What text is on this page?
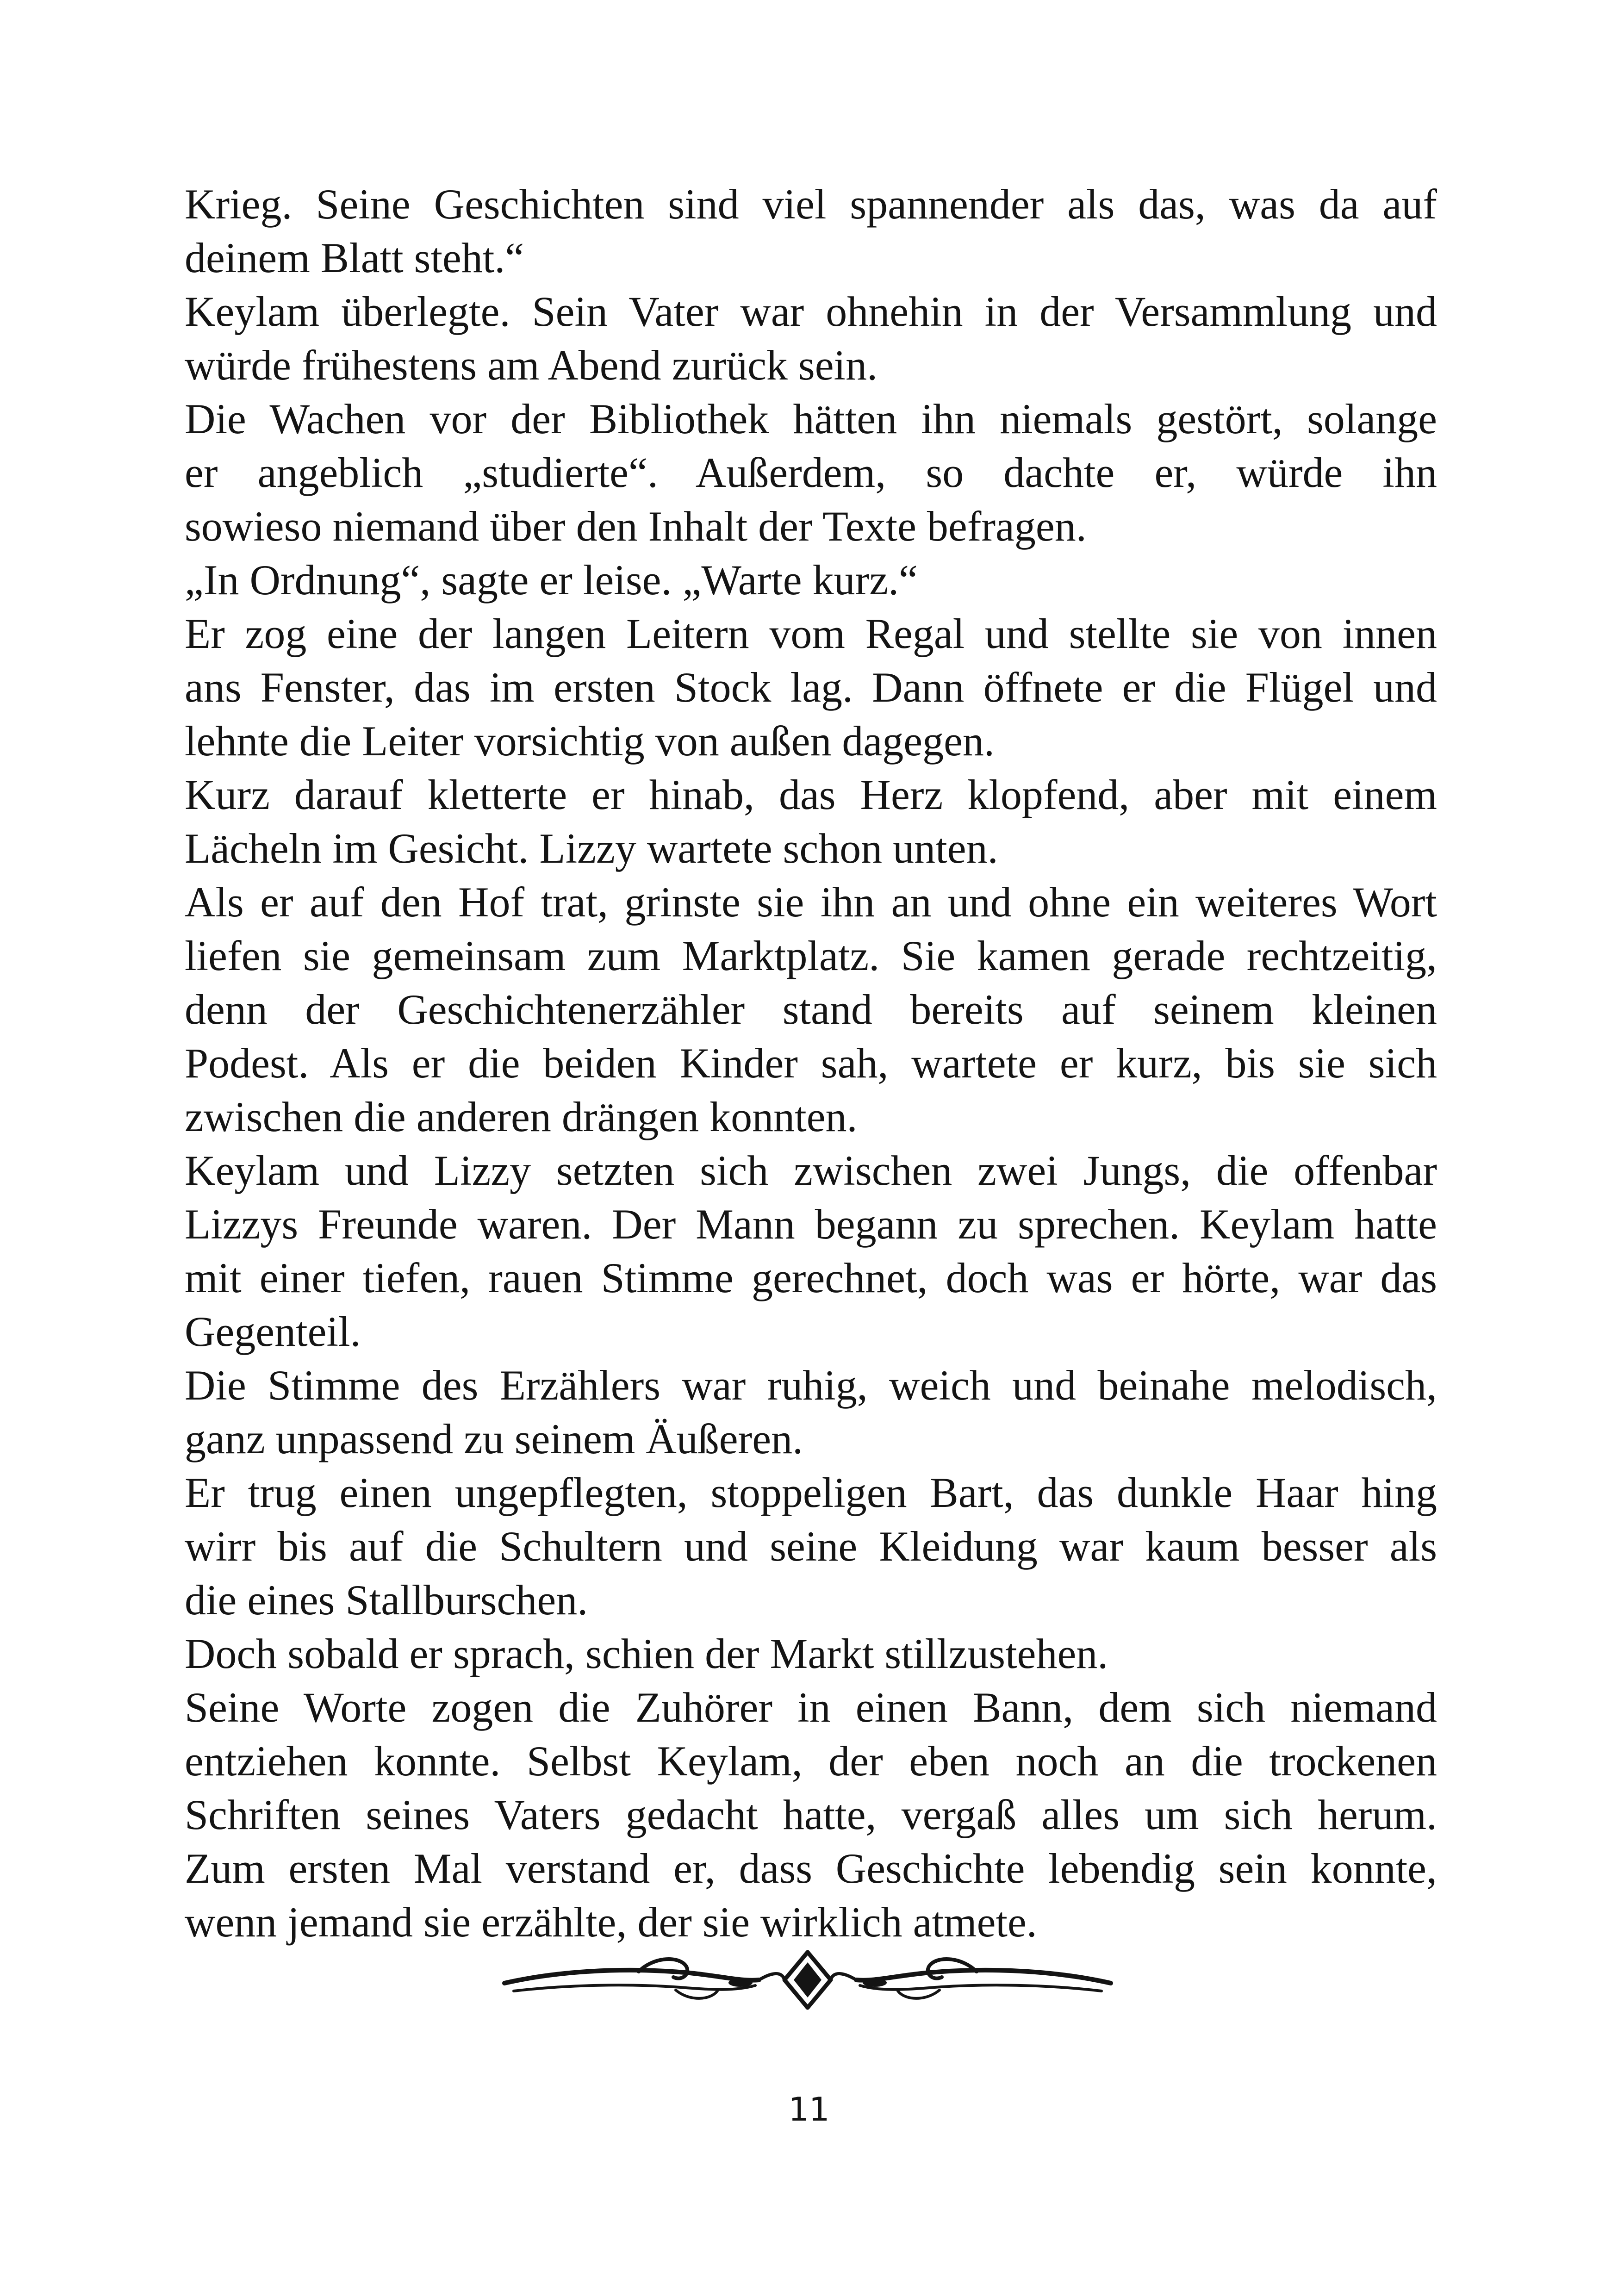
Krieg. Seine Geschichten sind viel spannender als das, was da auf
deinem Blatt steht.“
Keylam überlegte. Sein Vater war ohnehin in der Versammlung und
würde frühestens am Abend zurück sein.
Die Wachen vor der Bibliothek hätten ihn niemals gestört, solange
er angeblich „studierte“. Außerdem, so dachte er, würde ihn
sowieso niemand über den Inhalt der Texte befragen.
„In Ordnung“, sagte er leise. „Warte kurz.“
Er zog eine der langen Leitern vom Regal und stellte sie von innen
ans Fenster, das im ersten Stock lag. Dann öffnete er die Flügel und
lehnte die Leiter vorsichtig von außen dagegen.
Kurz darauf kletterte er hinab, das Herz klopfend, aber mit einem
Lächeln im Gesicht. Lizzy wartete schon unten.
Als er auf den Hof trat, grinste sie ihn an und ohne ein weiteres Wort
liefen sie gemeinsam zum Marktplatz. Sie kamen gerade rechtzeitig,
denn der Geschichtenerzähler stand bereits auf seinem kleinen
Podest. Als er die beiden Kinder sah, wartete er kurz, bis sie sich
zwischen die anderen drängen konnten.
Keylam und Lizzy setzten sich zwischen zwei Jungs, die offenbar
Lizzys Freunde waren. Der Mann begann zu sprechen. Keylam hatte
mit einer tiefen, rauen Stimme gerechnet, doch was er hörte, war das
Gegenteil.
Die Stimme des Erzählers war ruhig, weich und beinahe melodisch,
ganz unpassend zu seinem Äußeren.
Er trug einen ungepflegten, stoppeligen Bart, das dunkle Haar hing
wirr bis auf die Schultern und seine Kleidung war kaum besser als
die eines Stallburschen.
Doch sobald er sprach, schien der Markt stillzustehen.
Seine Worte zogen die Zuhörer in einen Bann, dem sich niemand
entziehen konnte. Selbst Keylam, der eben noch an die trockenen
Schriften seines Vaters gedacht hatte, vergaß alles um sich herum.
Zum ersten Mal verstand er, dass Geschichte lebendig sein konnte,
wenn jemand sie erzählte, der sie wirklich atmete.
11
